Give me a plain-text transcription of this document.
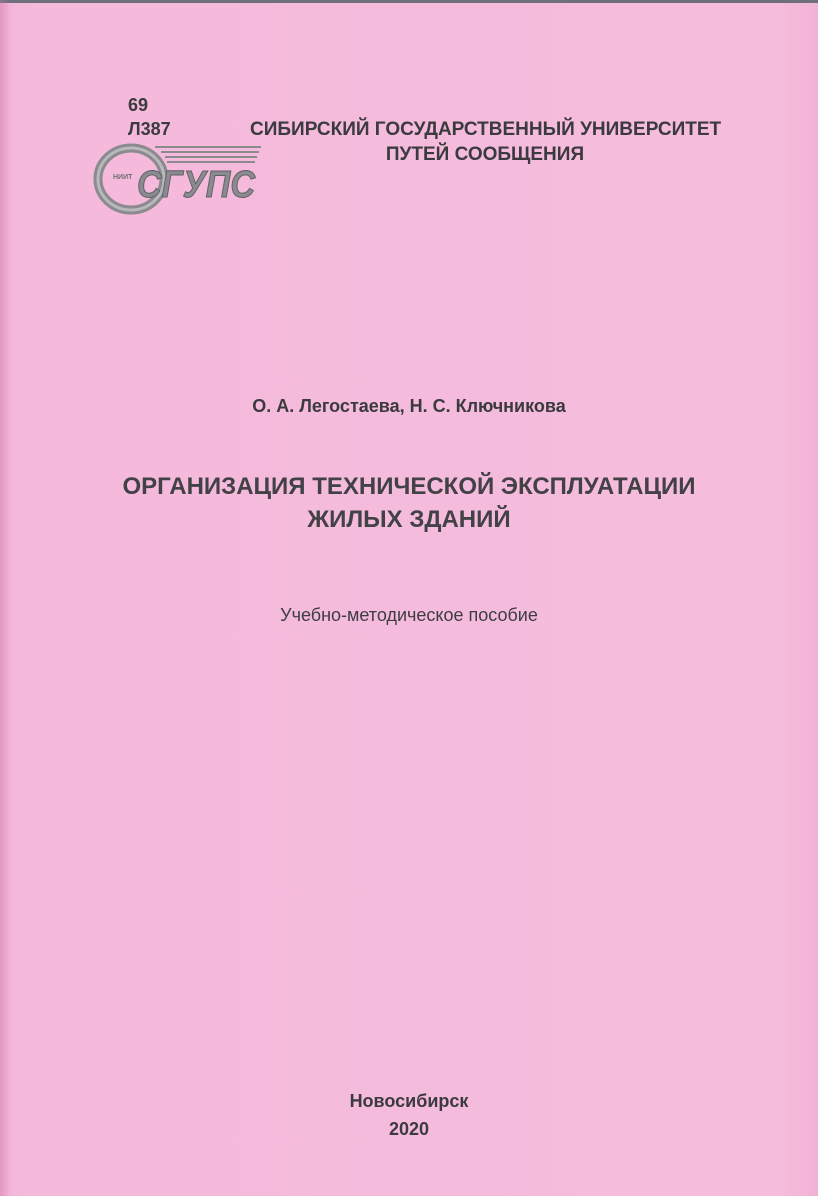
69
Л387
НИИТ СГУПС
СИБИРСКИЙ ГОСУДАРСТВЕННЫЙ УНИВЕРСИТЕТ
ПУТЕЙ СООБЩЕНИЯ
О. А. Легостаева, Н. С. Ключникова
ОРГАНИЗАЦИЯ ТЕХНИЧЕСКОЙ ЭКСПЛУАТАЦИИ
ЖИЛЫХ ЗДАНИЙ
Учебно-методическое пособие
Новосибирск
2020
